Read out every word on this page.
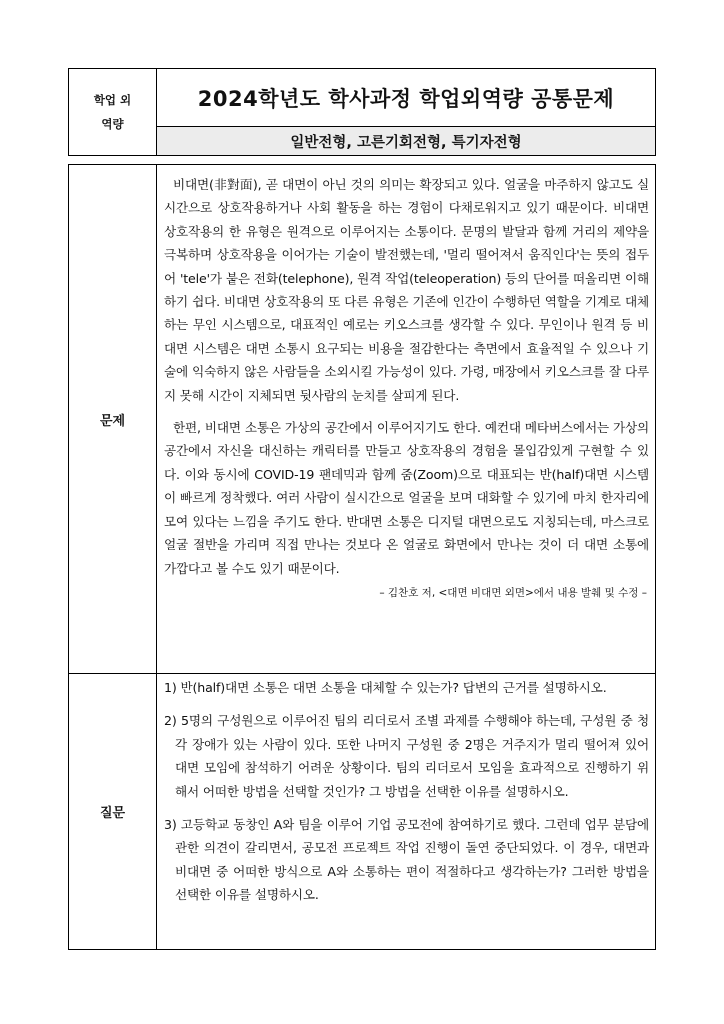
학업 외
역량
2024학년도 학사과정 학업외역량 공통문제
일반전형, 고른기회전형, 특기자전형
문제

비대면(非對面), 곧 대면이 아닌 것의 의미는 확장되고 있다. 얼굴을 마주하지 않고도 실시간으로 상호작용하거나 사회 활동을 하는 경험이 다채로워지고 있기 때문이다. 비대면 상호작용의 한 유형은 원격으로 이루어지는 소통이다. 문명의 발달과 함께 거리의 제약을 극복하며 상호작용을 이어가는 기술이 발전했는데, '멀리 떨어져서 움직인다'는 뜻의 접두어 'tele'가 붙은 전화(telephone), 원격 작업(teleoperation) 등의 단어를 떠올리면 이해하기 쉽다. 비대면 상호작용의 또 다른 유형은 기존에 인간이 수행하던 역할을 기계로 대체하는 무인 시스템으로, 대표적인 예로는 키오스크를 생각할 수 있다. 무인이나 원격 등 비대면 시스템은 대면 소통시 요구되는 비용을 절감한다는 측면에서 효율적일 수 있으나 기술에 익숙하지 않은 사람들을 소외시킬 가능성이 있다. 가령, 매장에서 키오스크를 잘 다루지 못해 시간이 지체되면 뒷사람의 눈치를 살피게 된다.

한편, 비대면 소통은 가상의 공간에서 이루어지기도 한다. 예컨대 메타버스에서는 가상의 공간에서 자신을 대신하는 캐릭터를 만들고 상호작용의 경험을 몰입감있게 구현할 수 있다. 이와 동시에 COVID-19 팬데믹과 함께 줌(Zoom)으로 대표되는 반(half)대면 시스템이 빠르게 정착했다. 여러 사람이 실시간으로 얼굴을 보며 대화할 수 있기에 마치 한자리에 모여 있다는 느낌을 주기도 한다. 반대면 소통은 디지털 대면으로도 지칭되는데, 마스크로 얼굴 절반을 가리며 직접 만나는 것보다 온 얼굴로 화면에서 만나는 것이 더 대면 소통에 가깝다고 볼 수도 있기 때문이다.

– 김찬호 저, <대면 비대면 외면>에서 내용 발췌 및 수정 –
질문
1) 반(half)대면 소통은 대면 소통을 대체할 수 있는가? 답변의 근거를 설명하시오.
2) 5명의 구성원으로 이루어진 팀의 리더로서 조별 과제를 수행해야 하는데, 구성원 중 청각 장애가 있는 사람이 있다. 또한 나머지 구성원 중 2명은 거주지가 멀리 떨어져 있어 대면 모임에 참석하기 어려운 상황이다. 팀의 리더로서 모임을 효과적으로 진행하기 위해서 어떠한 방법을 선택할 것인가? 그 방법을 선택한 이유를 설명하시오.
3) 고등학교 동창인 A와 팀을 이루어 기업 공모전에 참여하기로 했다. 그런데 업무 분담에 관한 의견이 갈리면서, 공모전 프로젝트 작업 진행이 돌연 중단되었다. 이 경우, 대면과 비대면 중 어떠한 방식으로 A와 소통하는 편이 적절하다고 생각하는가? 그러한 방법을 선택한 이유를 설명하시오.
